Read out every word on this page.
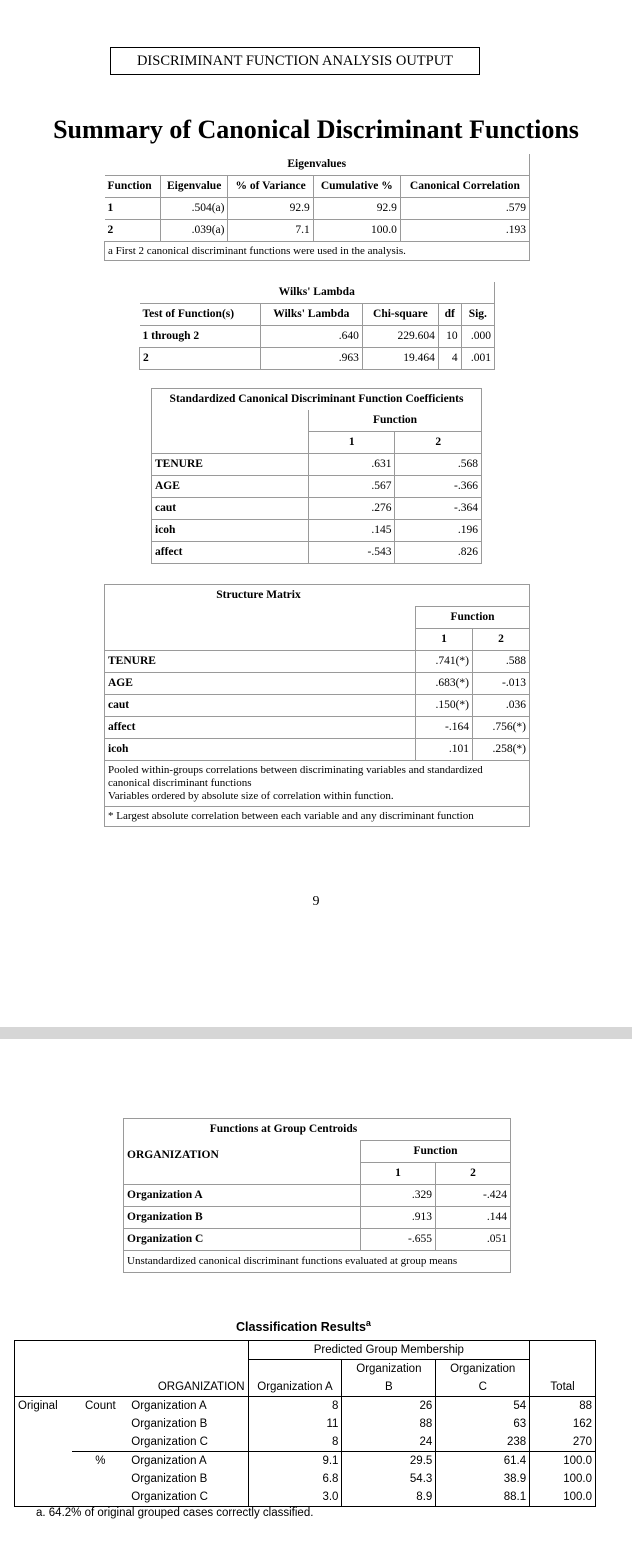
DISCRIMINANT FUNCTION ANALYSIS OUTPUT
Summary of Canonical Discriminant Functions
Eigenvalues				
Function	Eigenvalue	% of Variance	Cumulative %	Canonical Correlation
1	.504(a)	92.9	92.9	.579
2	.039(a)	7.1	100.0	.193
a First 2 canonical discriminant functions were used in the analysis.				
Wilks' Lambda				
Test of Function(s)	Wilks' Lambda	Chi-square	df	Sig.
1 through 2	.640	229.604	10	.000
2	.963	19.464	4	.001
Standardized Canonical Discriminant Function Coefficients		
	Function	
	1	2
TENURE	.631	.568
AGE	.567	-.366
caut	.276	-.364
icoh	.145	.196
affect	-.543	.826
Structure Matrix		
	Function	
	1	2
TENURE	.741(*)	.588
AGE	.683(*)	-.013
caut	.150(*)	.036
affect	-.164	.756(*)
icoh	.101	.258(*)

Pooled within-groups correlations between discriminating variables and standardized canonical discriminant functions
Variables ordered by absolute size of correlation within function.		

* Largest absolute correlation between each variable and any discriminant function		
9
Functions at Group Centroids		
ORGANIZATION	Function	
	1	2
Organization A	.329	-.424
Organization B	.913	.144
Organization C	-.655	.051
Unstandardized canonical discriminant functions evaluated at group means		
Classification Results$^a$
			Predicted Group Membership			
				Organization	Organization	
ORGANIZATION			Organization A	B	C	Total
Original	Count	Organization A	8	26	54	88
		Organization B	11	88	63	162
		Organization C	8	24	238	270
	%	Organization A	9.1	29.5	61.4	100.0
		Organization B	6.8	54.3	38.9	100.0
		Organization C	3.0	8.9	88.1	100.0
a. 64.2% of original grouped cases correctly classified.
